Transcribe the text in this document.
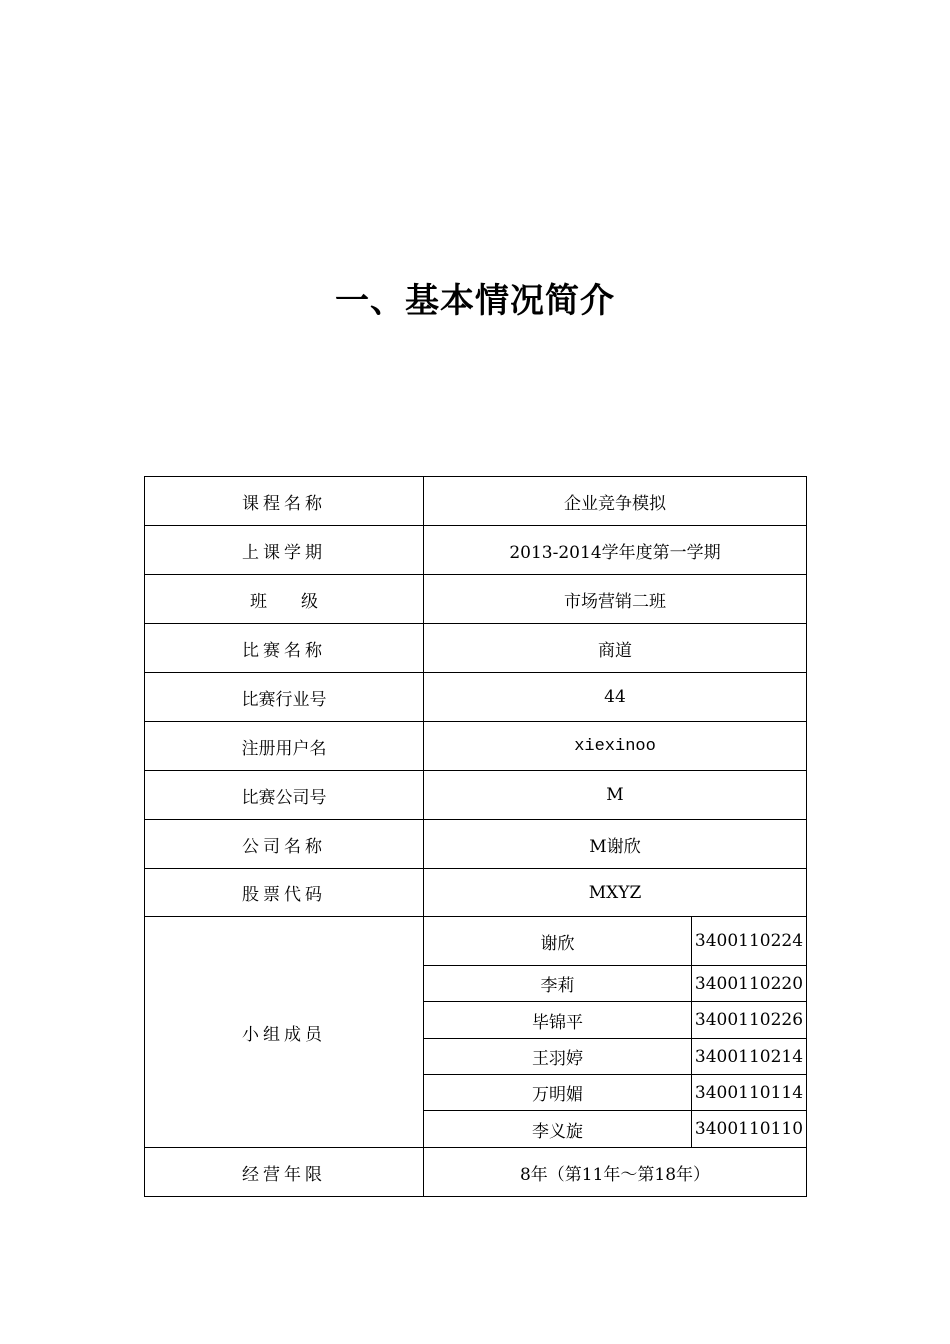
一、基本情况简介
课程名称	企业竞争模拟	
上课学期	2013-2014学年度第一学期	
班　　级	市场营销二班	
比赛名称	商道	
比赛行业号	44	
注册用户名	xiexinoo	
比赛公司号	M	
公司名称	M谢欣	
股票代码	MXYZ	
小组成员	谢欣	3400110224
	李莉	3400110220
	毕锦平	3400110226
	王羽婷	3400110214
	万明媚	3400110114
	李义旋	3400110110
经营年限	8年（第11年～第18年）	
